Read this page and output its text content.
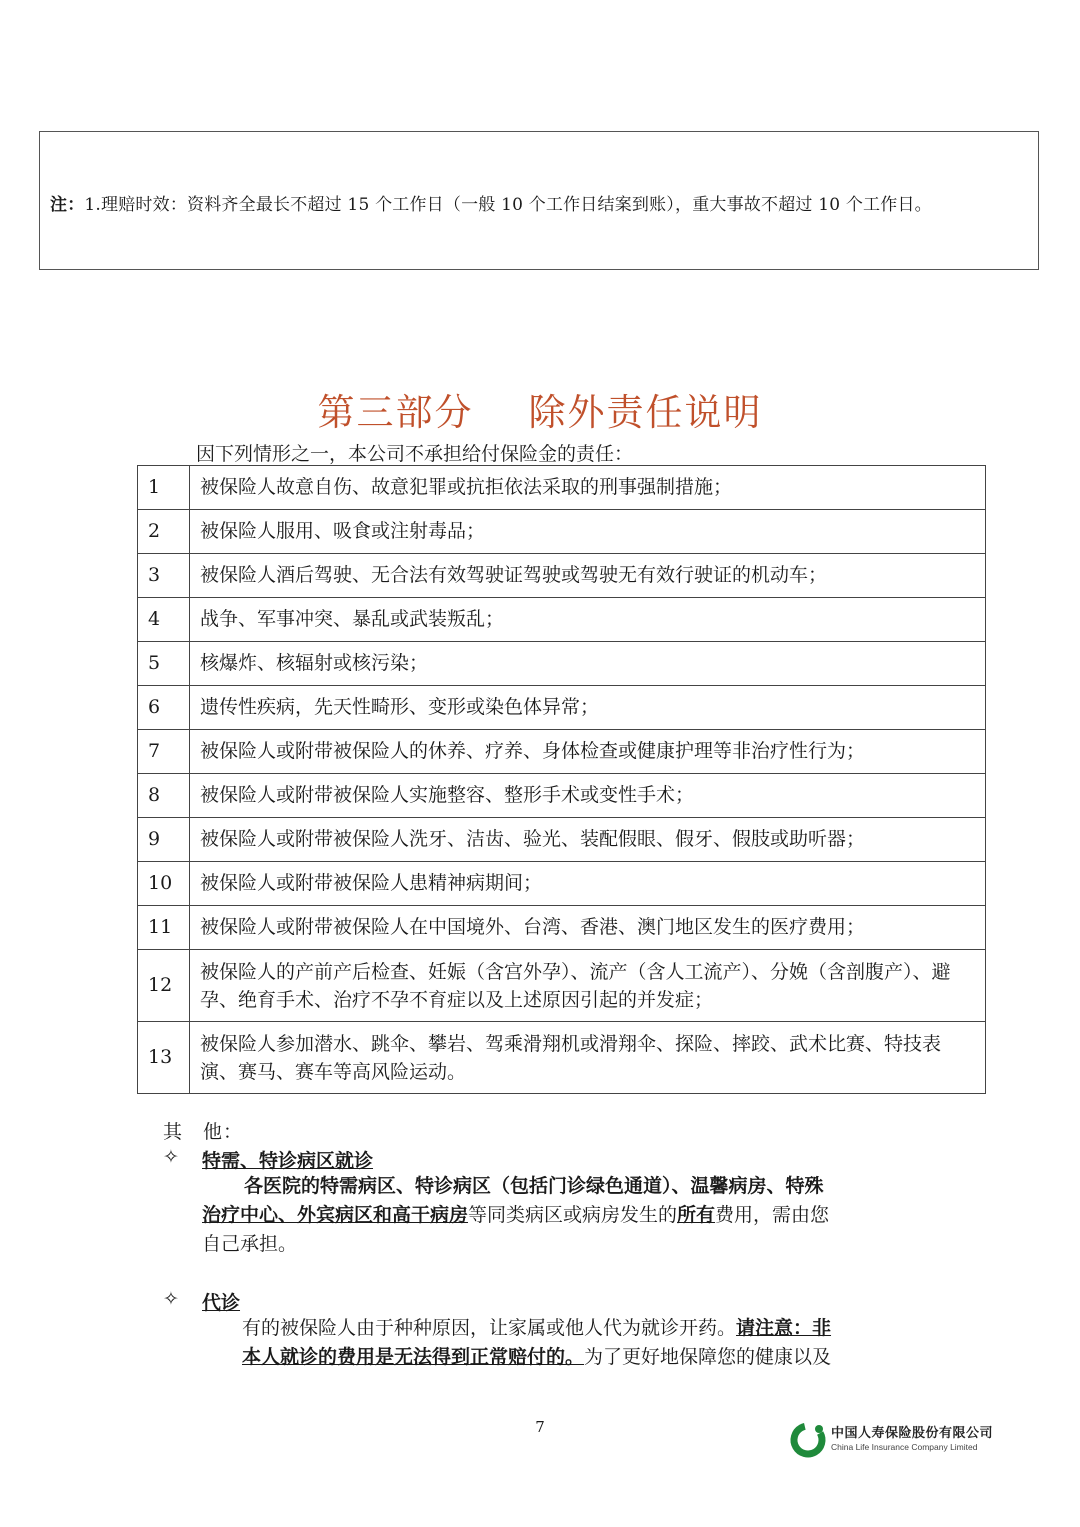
注：1.理赔时效：资料齐全最长不超过 15 个工作日（一般 10 个工作日结案到账），重大事故不超过 10 个工作日。
第三部分    除外责任说明
因下列情形之一，本公司不承担给付保险金的责任：
1	被保险人故意自伤、故意犯罪或抗拒依法采取的刑事强制措施；
2	被保险人服用、吸食或注射毒品；
3	被保险人酒后驾驶、无合法有效驾驶证驾驶或驾驶无有效行驶证的机动车；
4	战争、军事冲突、暴乱或武装叛乱；
5	核爆炸、核辐射或核污染；
6	遗传性疾病，先天性畸形、变形或染色体异常；
7	被保险人或附带被保险人的休养、疗养、身体检查或健康护理等非治疗性行为；
8	被保险人或附带被保险人实施整容、整形手术或变性手术；
9	被保险人或附带被保险人洗牙、洁齿、验光、装配假眼、假牙、假肢或助听器；
10	被保险人或附带被保险人患精神病期间；
11	被保险人或附带被保险人在中国境外、台湾、香港、澳门地区发生的医疗费用；
12	被保险人的产前产后检查、妊娠（含宫外孕）、流产（含人工流产）、分娩（含剖腹产）、避孕、绝育手术、治疗不孕不育症以及上述原因引起的并发症；
13	被保险人参加潜水、跳伞、攀岩、驾乘滑翔机或滑翔伞、探险、摔跤、武术比赛、特技表演、赛马、赛车等高风险运动。
其　他：
✧ 特需、特诊病区就诊
各医院的特需病区、特诊病区（包括门诊绿色通道）、温馨病房、特殊
治疗中心、外宾病区和高干病房等同类病区或病房发生的所有费用，需由您
自己承担。
✧ 代诊
有的被保险人由于种种原因，让家属或他人代为就诊开药。请注意：非
本人就诊的费用是无法得到正常赔付的。为了更好地保障您的健康以及
7	中国人寿保险股份有限公司
China Life Insurance Company Limited
